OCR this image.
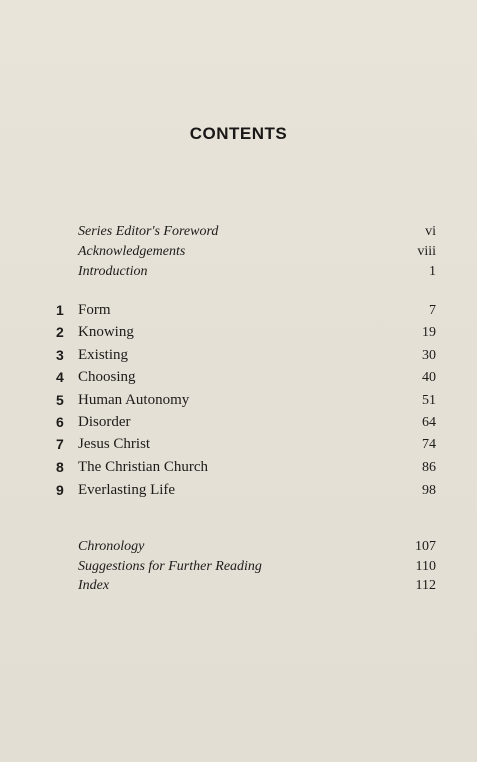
CONTENTS
Series Editor's Foreword	vi
Acknowledgements	viii
Introduction	1
1 Form	7
2 Knowing	19
3 Existing	30
4 Choosing	40
5 Human Autonomy	51
6 Disorder	64
7 Jesus Christ	74
8 The Christian Church	86
9 Everlasting Life	98
Chronology	107
Suggestions for Further Reading	110
Index	112
